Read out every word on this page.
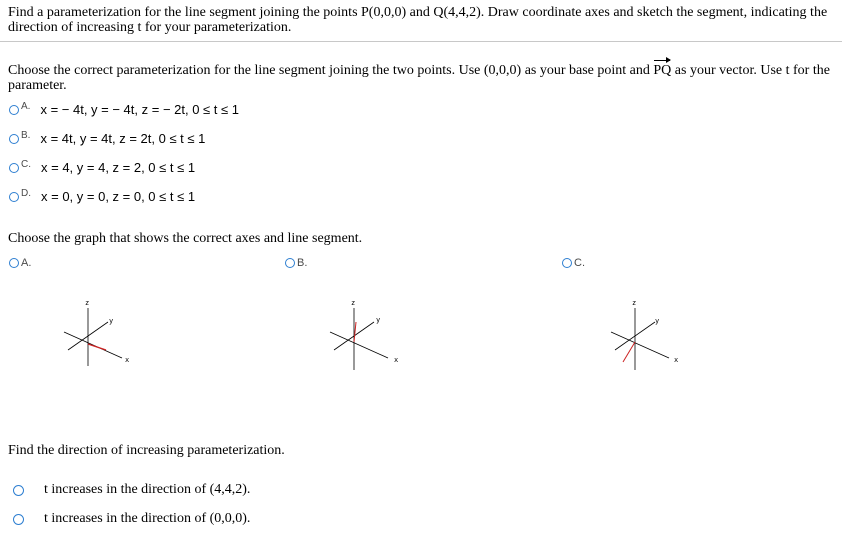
Find a parameterization for the line segment joining the points P(0,0,0) and Q(4,4,2). Draw coordinate axes and sketch the segment, indicating the direction of increasing t for your parameterization.

Choose the correct parameterization for the line segment joining the two points. Use (0,0,0) as your base point and PQ as your vector. Use t for the parameter.

A. x = − 4t, y = − 4t, z = − 2t, 0 ≤ t ≤ 1
B. x = 4t, y = 4t, z = 2t, 0 ≤ t ≤ 1
C. x = 4, y = 4, z = 2, 0 ≤ t ≤ 1
D. x = 0, y = 0, z = 0, 0 ≤ t ≤ 1

Choose the graph that shows the correct axes and line segment.

A.	B.	C.
z
y
x
z
y
x
z
y
x

Find the direction of increasing parameterization.

t increases in the direction of (4,4,2).
t increases in the direction of (0,0,0).
